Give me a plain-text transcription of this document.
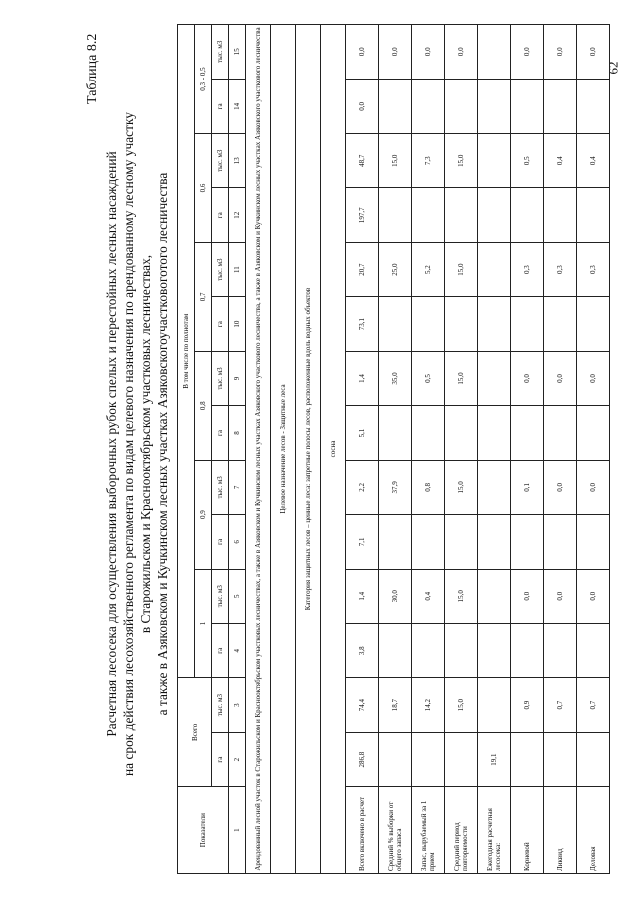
62
Таблица 8.2
Расчетная лесосека для осуществления выборочных рубок спелых и перестойных лесных насаждений на срок действия лесохозяйственного регламента по видам целевого назначения по арендованному лесному участку в Старожильском и Краснооктябрьском участковых лесничествах, а также в Азяковском и Кучкинском лесных участках Азяковскогоучастковоготого лесничества
Показатели	Всего		В том числе по полнотам											
			1		0,9		0,8		0,7		0,6		0,3 - 0,5	
	га	тыс. м3	га	тыс. м3	га	тыс. м3	га	тыс. м3	га	тыс. м3	га	тыс. м3	га	тыс. м3
1	2	3	4	5	6	7	8	9	10	11	12	13	14	15
Арендованный лесной участок в Старожильском и Краснооктябрьском участковых лесничествах, а также в Азяковском и Кучкинском лесных участках Азяковского участкового лесничества, а также в Азяковском и Кучкинском лесных участках Азяковского участкового лесничества														
Целевое назначение лесов - Защитные леса														
Категория защитных лесов – ценные леса: запретные полосы лесов, расположенные вдоль водных объектов														
сосна														
Всего включено в расчет	286,8	74,4	3,8	1,4	7,1	2,2	5,1	1,4	73,1	20,7	197,7	48,7	0,0	0,0
Средний % выборки от общего запаса		18,7		30,0		37,9		35,0		25,0		15,0		0,0
Запас, вырубаемый за 1 прием		14,2		0,4		0,8		0,5		5,2		7,3		0,0
Средний период повторяемости		15,0		15,0		15,0		15,0		15,0		15,0		0,0
Ежегодная расчетная лесосека:	19,1													
Корневой		0,9		0,0		0,1		0,0		0,3		0,5		0,0
Ликвид		0,7		0,0		0,0		0,0		0,3		0,4		0,0
Деловая		0,7		0,0		0,0		0,0		0,3		0,4		0,0
